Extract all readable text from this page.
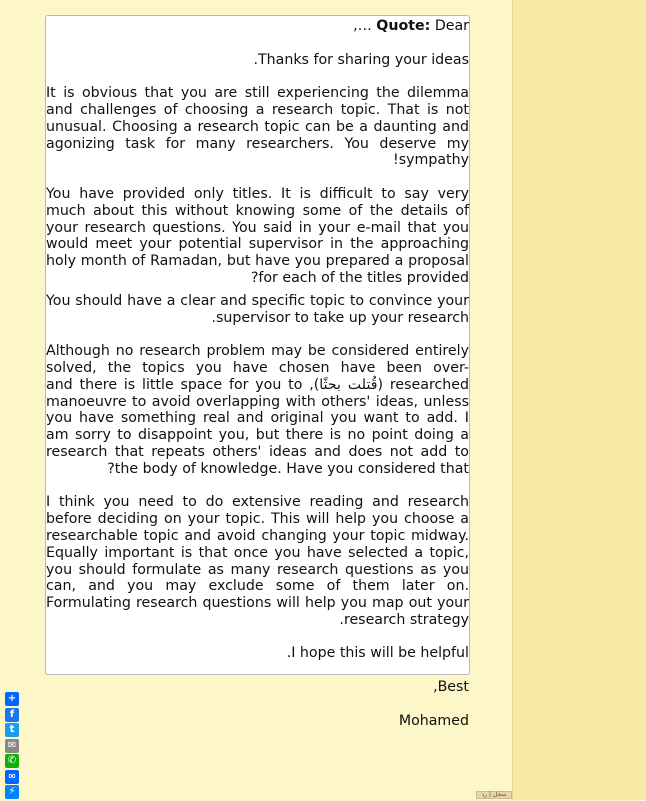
Quote: Dear …,

Thanks for sharing your ideas.

It is obvious that you are still experiencing the dilemma and challenges of choosing a research topic. That is not unusual. Choosing a research topic can be a daunting and agonizing task for many researchers. You deserve my sympathy!

You have provided only titles. It is difficult to say very much about this without knowing some of the details of your research questions. You said in your e-mail that you would meet your potential supervisor in the approaching holy month of Ramadan, but have you prepared a proposal for each of the titles provided?

You should have a clear and specific topic to convince your supervisor to take up your research.

Although no research problem may be considered entirely solved, the topics you have chosen have been over-researched (قُتلت بحثًا), and there is little space for you to manoeuvre to avoid overlapping with others' ideas, unless you have something real and original you want to add. I am sorry to disappoint you, but there is no point doing a research that repeats others' ideas and does not add to the body of knowledge. Have you considered that?

I think you need to do extensive reading and research before deciding on your topic. This will help you choose a researchable topic and avoid changing your topic midway. Equally important is that once you have selected a topic, you should formulate as many research questions as you can, and you may exclude some of them later on. Formulating research questions will help you map out your research strategy.

I hope this will be helpful.

Best,

Mohamed

+
f
t
✉
✆
∞
⚡	سجل | رد
